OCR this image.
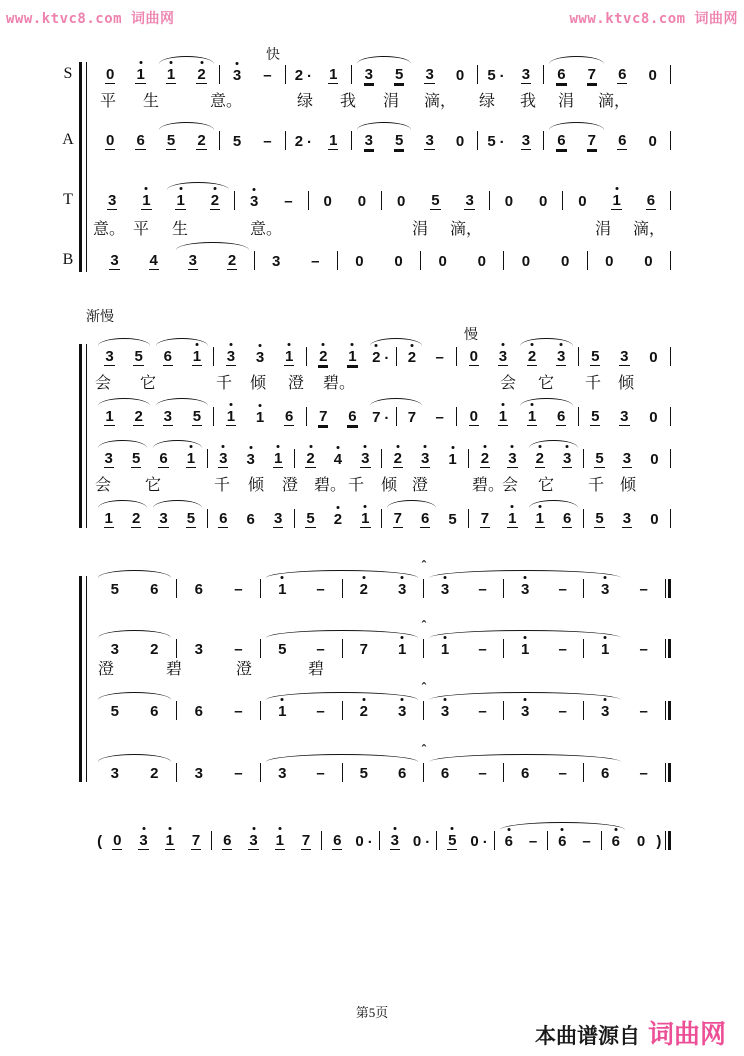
www.ktvc8.com 词曲网	www.ktvc8.com 词曲网
快
0 1 1 2 3 – 2 · 1 3 5 3 0 5 · 3 6 7 6 0
S
平 生	意。	绿 我 涓 滴， 绿 我 涓 滴，
0 6 5 2 5 – 2 · 1 3 5 3 0 5 · 3 6 7 6 0
A
3 1 1 2 3 – 0 0 0 5 3 0 0 0 1 6
T
意。 平 生	意。	涓 滴，	涓 滴，
3 4 3 2 3 – 0 0 0 0 0 0 0 0
B
渐慢
慢
3 5 6 1 3 3 1 2 1 2 · 2 – 0 3 2 3 5 3 0
会 它	千 倾 澄 碧。	会 它 千 倾
1 2 3 5 1 1 6 7 6 7 · 7 – 0 1 1 6 5 3 0
3 5 6 1 3 3 1 2 4 3 2 3 1 2 3 2 3 5 3 0
会 它	千 倾 澄 碧。 千 倾 澄	碧。
会 它 千 倾
1 2 3 5 6 6 3 5 2 1 7 6 5 7 1 1 6 5 3 0
5 6 6 – 1 – 2 3
ˆ
3 – 3 – 3 –
3 2 3 – 5 – 7 1
ˆ
1 – 1 – 1 –
澄	碧	澄	碧
5 6 6 – 1 – 2 3
ˆ
3 – 3 – 3 –
3 2 3 – 3 – 5 6
ˆ
6 – 6 – 6 –
( 0 3 1 7 6 3 1 7 6 0 · 3 0 · 5 0 · 6 – 6 – 6 0 )
第5页
本曲谱源自 词曲网
